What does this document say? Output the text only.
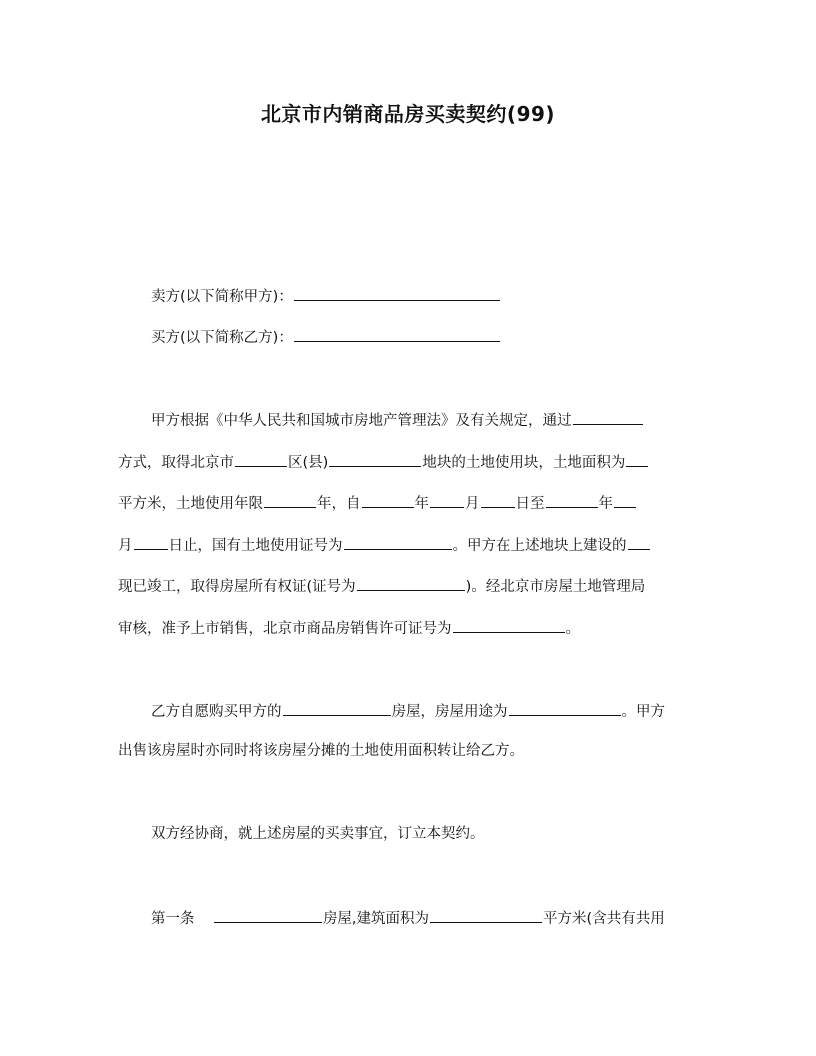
北京市内销商品房买卖契约(99)
卖方(以下简称甲方)：
买方(以下简称乙方)：
甲方根据《中华人民共和国城市房地产管理法》及有关规定，通过
方式，取得北京市	区(县)	地块的土地使用块，土地面积为
平方米，土地使用年限	年，自	年 月 日至	年
月 日止，国有土地使用证号为	。甲方在上述地块上建设的
现已竣工，取得房屋所有权证(证号为	)。经北京市房屋土地管理局
审核，准予上市销售，北京市商品房销售许可证号为	。
乙方自愿购买甲方的	房屋，房屋用途为	。甲方
出售该房屋时亦同时将该房屋分摊的土地使用面积转让给乙方。
双方经协商，就上述房屋的买卖事宜，订立本契约。
第一条	房屋,建筑面积为	平方米(含共有共用
